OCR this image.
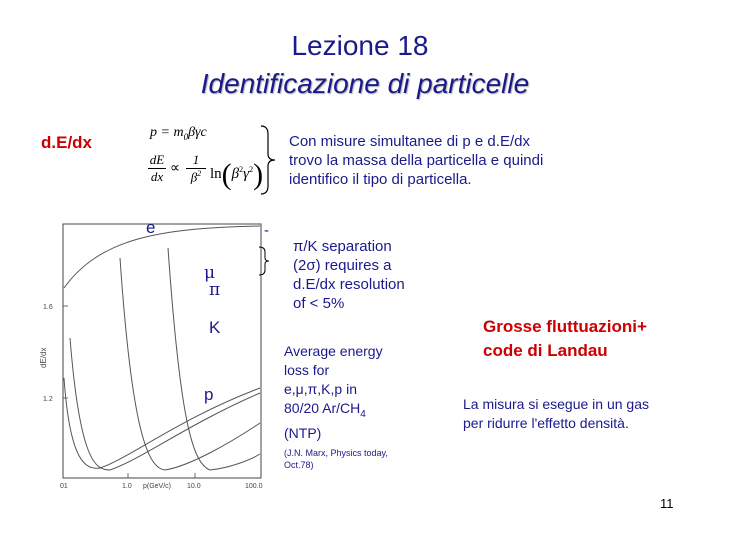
Lezione 18
Identificazione di particelle
d.E/dx
$p = m_0\beta\gamma c$
dE
dx
∝
1
$\beta^2$ $\ln(\beta^2\gamma^2)$
Con misure simultanee di p e d.E/dx trovo la massa della particella e quindi identifico il tipo di particella.
dE/dx
1.6
1.2
01	1.0	10.0	100.0
p(GeV/c)
e
μ
π
K
p
-
π/K separation
(2σ) requires a
d.E/dx resolution
of < 5%
Average energy
loss for
e,μ,π,K,p in
80/20 $Ar/CH_4$
(NTP)
(J.N. Marx, Physics today, Oct.78)
Grosse fluttuazioni+
code di Landau
La misura si esegue in un gas per ridurre l'effetto densità.
11
